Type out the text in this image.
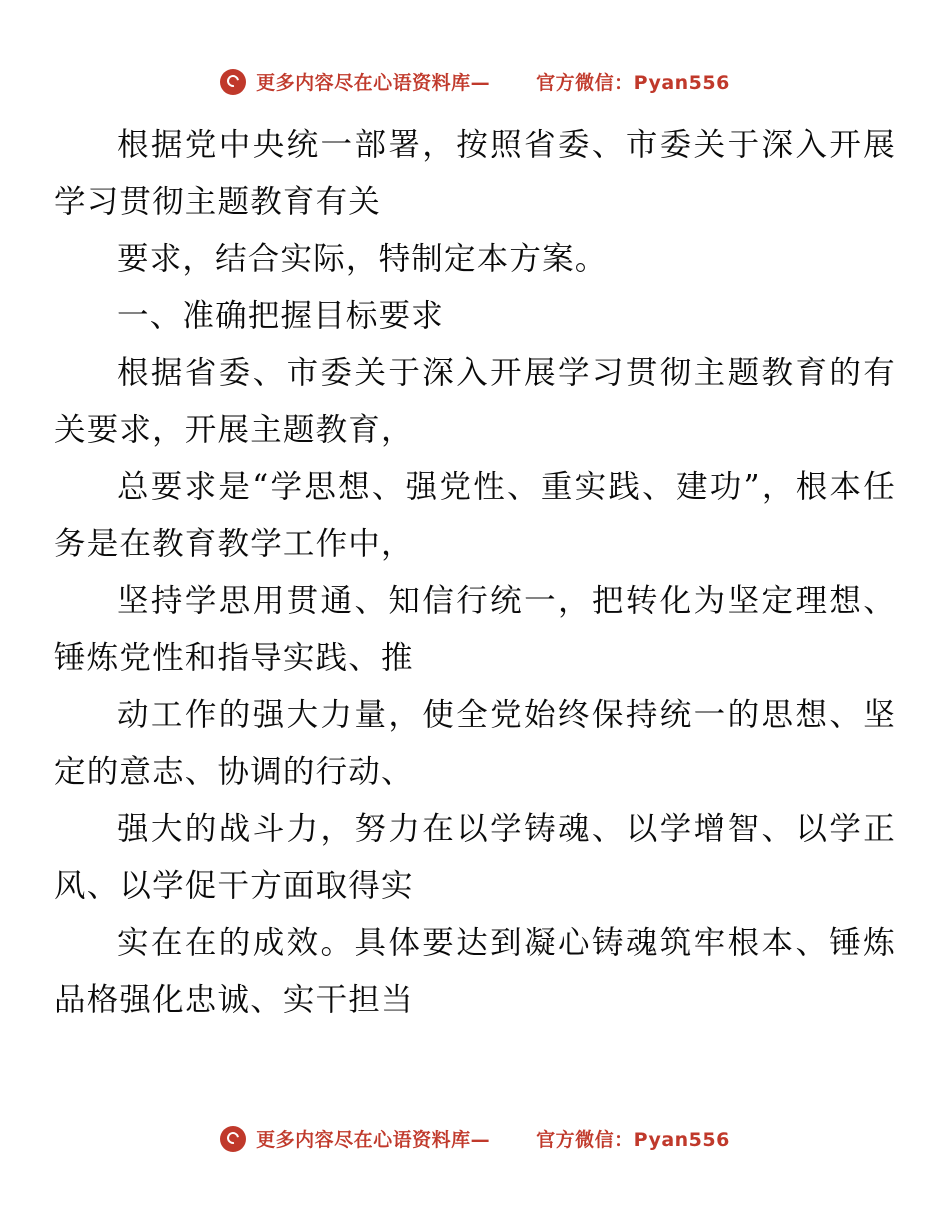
更多内容尽在心语资料库— 官方微信：Pyan556

根据党中央统一部署，按照省委、市委关于深入开展学习贯彻主题教育有关

要求，结合实际，特制定本方案。

一、准确把握目标要求

根据省委、市委关于深入开展学习贯彻主题教育的有关要求，开展主题教育，

总要求是“学思想、强党性、重实践、建功”，根本任务是在教育教学工作中，

坚持学思用贯通、知信行统一，把转化为坚定理想、锤炼党性和指导实践、推

动工作的强大力量，使全党始终保持统一的思想、坚定的意志、协调的行动、

强大的战斗力，努力在以学铸魂、以学增智、以学正风、以学促干方面取得实

实在在的成效。具体要达到凝心铸魂筑牢根本、锤炼品格强化忠诚、实干担当

更多内容尽在心语资料库— 官方微信：Pyan556
